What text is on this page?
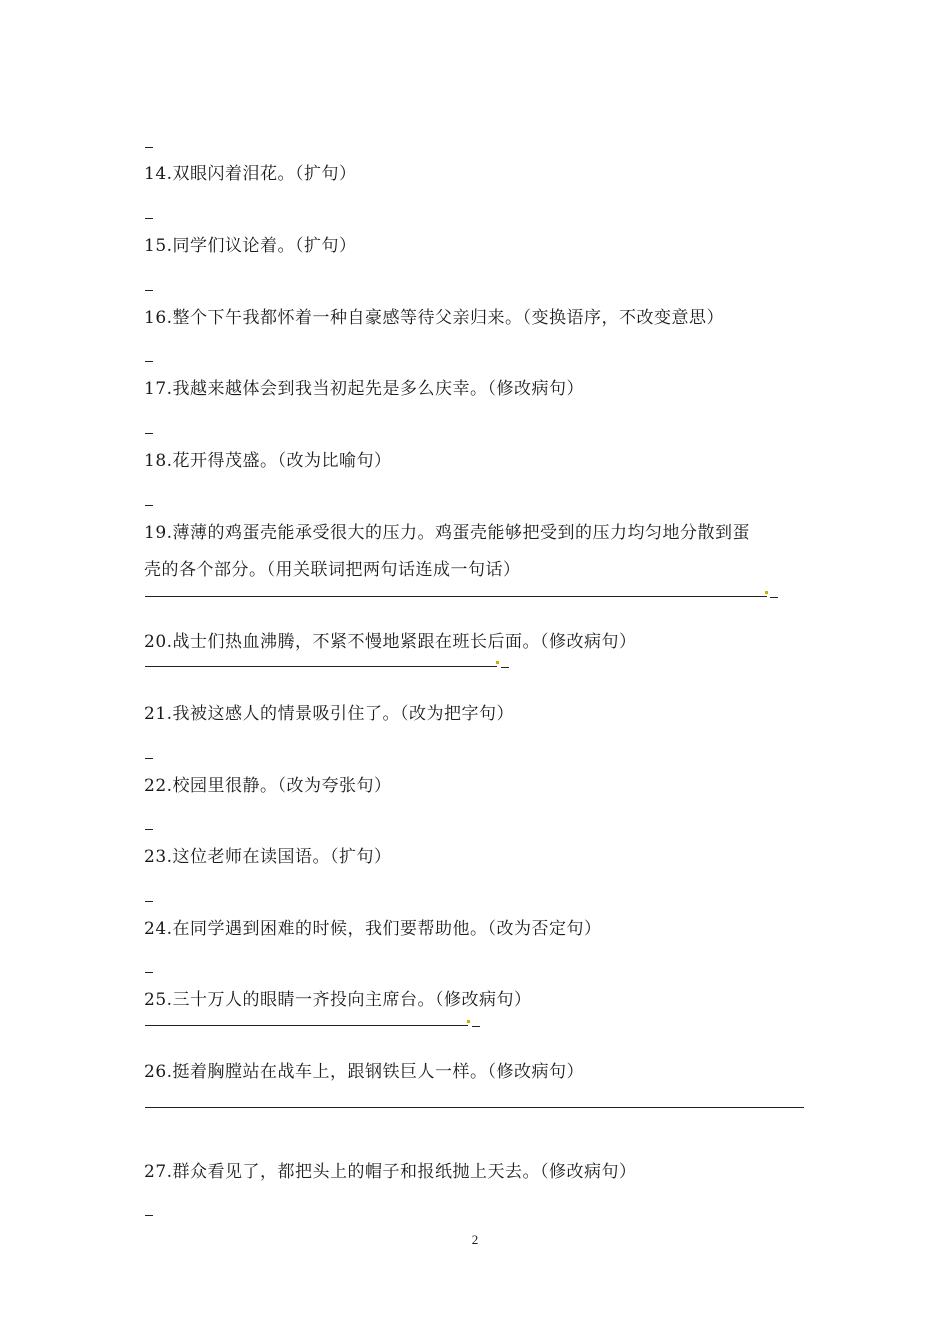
14.双眼闪着泪花。（扩句）
15.同学们议论着。（扩句）
16.整个下午我都怀着一种自豪感等待父亲归来。（变换语序，不改变意思）
17.我越来越体会到我当初起先是多么庆幸。（修改病句）
18.花开得茂盛。（改为比喻句）
19.薄薄的鸡蛋壳能承受很大的压力。鸡蛋壳能够把受到的压力均匀地分散到蛋
壳的各个部分。（用关联词把两句话连成一句话）
20.战士们热血沸腾，不紧不慢地紧跟在班长后面。（修改病句）
21.我被这感人的情景吸引住了。（改为把字句）
22.校园里很静。（改为夸张句）
23.这位老师在读国语。（扩句）
24.在同学遇到困难的时候，我们要帮助他。（改为否定句）
25.三十万人的眼睛一齐投向主席台。（修改病句）
26.挺着胸膛站在战车上，跟钢铁巨人一样。（修改病句）
27.群众看见了，都把头上的帽子和报纸抛上天去。（修改病句）
2
